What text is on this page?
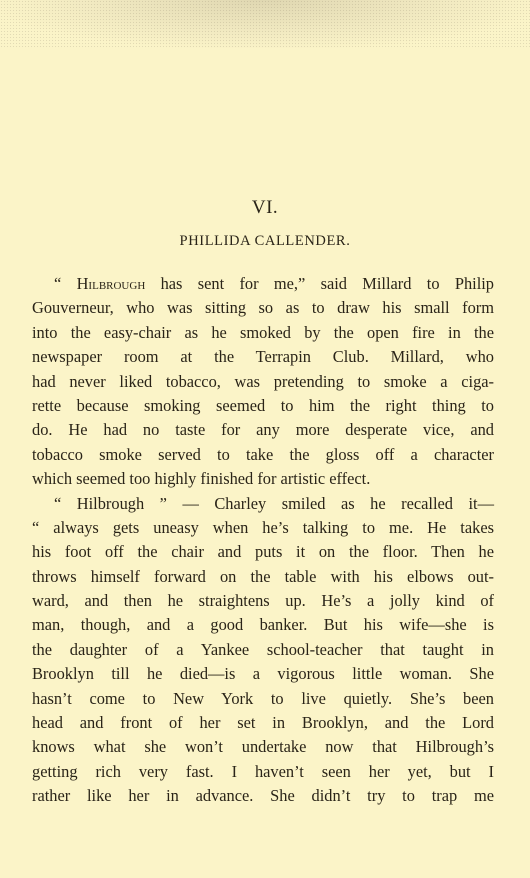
VI.
PHILLIDA CALLENDER.
“ Hilbrough has sent for me,” said Millard to Philip
Gouverneur, who was sitting so as to draw his small form
into the easy-chair as he smoked by the open fire in the
newspaper room at the Terrapin Club. Millard, who
had never liked tobacco, was pretending to smoke a ciga-
rette because smoking seemed to him the right thing to
do. He had no taste for any more desperate vice, and
tobacco smoke served to take the gloss off a character
which seemed too highly finished for artistic effect.
“ Hilbrough ” — Charley smiled as he recalled it—
“ always gets uneasy when he’s talking to me. He takes
his foot off the chair and puts it on the floor. Then he
throws himself forward on the table with his elbows out-
ward, and then he straightens up. He’s a jolly kind of
man, though, and a good banker. But his wife—she is
the daughter of a Yankee school-teacher that taught in
Brooklyn till he died—is a vigorous little woman. She
hasn’t come to New York to live quietly. She’s been
head and front of her set in Brooklyn, and the Lord
knows what she won’t undertake now that Hilbrough’s
getting rich very fast. I haven’t seen her yet, but I
rather like her in advance. She didn’t try to trap me
